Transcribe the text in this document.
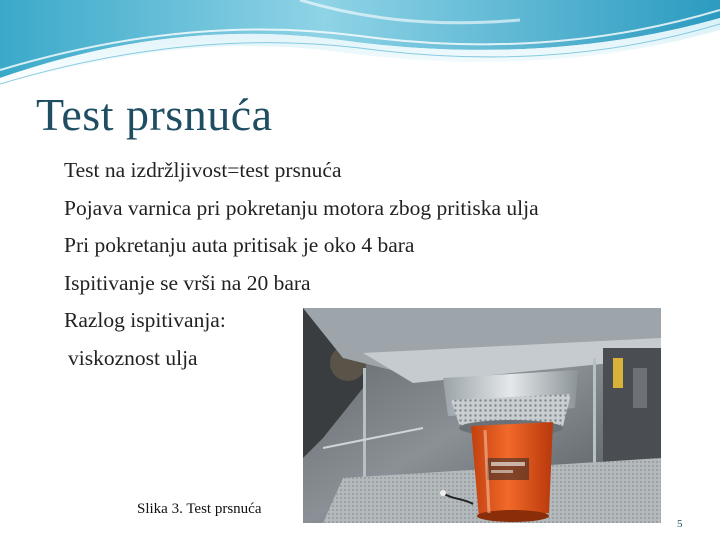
Test prsnuća
Test na izdržljivost=test prsnuća
Pojava varnica pri pokretanju motora zbog pritiska ulja
Pri pokretanju auta pritisak je oko 4 bara
Ispitivanje se vrši na 20 bara
Razlog ispitivanja:
viskoznost ulja
Slika 3. Test prsnuća
5
